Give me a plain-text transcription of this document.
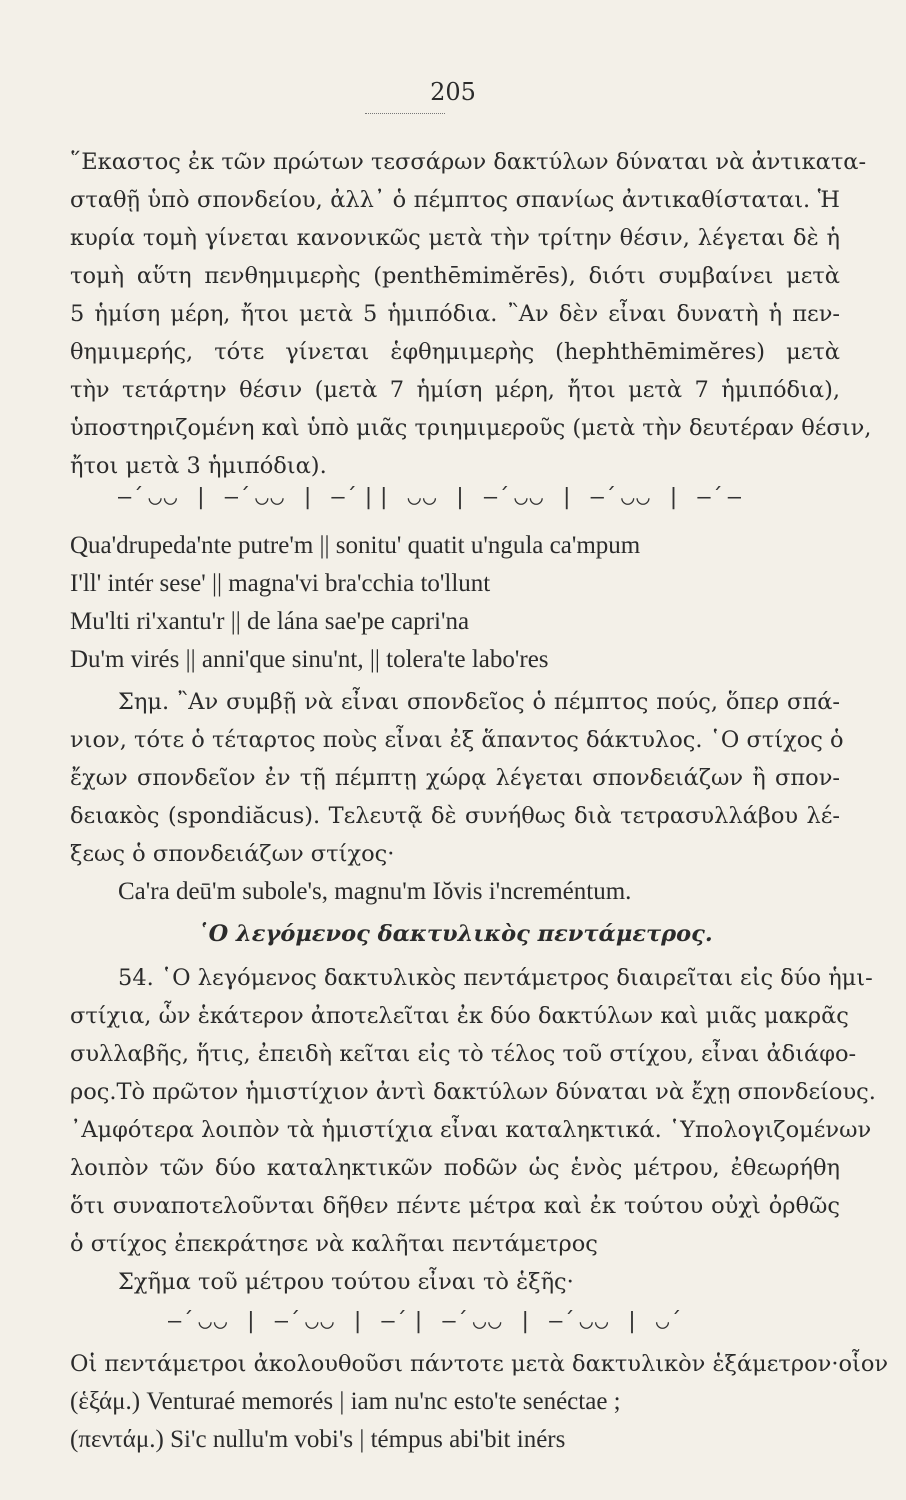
205
῞Εκαστος ἐκ τῶν πρώτων τεσσάρων δακτύλων δύναται νὰ ἀντικατα-
σταθῇ ὑπὸ σπονδείου, ἀλλ᾽ ὁ πέμπτος σπανίως ἀντικαθίσταται. Ἡ
κυρία τομὴ γίνεται κανονικῶς μετὰ τὴν τρίτην θέσιν, λέγεται δὲ ἡ
τομὴ αὕτη πενθημιμερὴς (penthēmimĕrēs), διότι συμβαίνει μετὰ
5 ἡμίση μέρη, ἤτοι μετὰ 5 ἡμιπόδια. ῍Αν δὲν εἶναι δυνατὴ ἡ πεν-
θημιμερής, τότε γίνεται ἑφθημιμερὴς (hephthēmimĕres) μετὰ
τὴν τετάρτην θέσιν (μετὰ 7 ἡμίση μέρη, ἤτοι μετὰ 7 ἡμιπόδια),
ὑποστηριζομένη καὶ ὑπὸ μιᾶς τριημιμεροῦς (μετὰ τὴν δευτέραν θέσιν,
ἤτοι μετὰ 3 ἡμιπόδια).
–́ ◡◡ | –́ ◡◡ | –́ || ◡◡ | –́ ◡◡ | –́ ◡◡ | –́ –
Qua'drupeda'nte putre'm || sonitu' quatit u'ngula ca'mpum
I'll' intér sese' || magna'vi bra'cchia to'llunt
Mu'lti ri'xantu'r || de lána sae'pe capri'na
Du'm virés || anni'que sinu'nt, || tolera'te labo'res
Σημ. ῍Αν συμβῇ νὰ εἶναι σπονδεῖος ὁ πέμπτος πούς, ὅπερ σπά-
νιον, τότε ὁ τέταρτος ποὺς εἶναι ἐξ ἅπαντος δάκτυλος. ῾Ο στίχος ὁ
ἔχων σπονδεῖον ἐν τῇ πέμπτῃ χώρᾳ λέγεται σπονδειάζων ἢ σπον-
δειακὸς (spondiăcus). Τελευτᾷ δὲ συνήθως διὰ τετρασυλλάβου λέ-
ξεως ὁ σπονδειάζων στίχος·
Ca'ra deū'm subole's, magnu'm Iŏvis i'ncreméntum.
῾Ο λεγόμενος δακτυλικὸς πεντάμετρος.
54. ῾Ο λεγόμενος δακτυλικὸς πεντάμετρος διαιρεῖται εἰς δύο ἡμι-
στίχια, ὧν ἑκάτερον ἀποτελεῖται ἐκ δύο δακτύλων καὶ μιᾶς μακρᾶς
συλλαβῆς, ἥτις, ἐπειδὴ κεῖται εἰς τὸ τέλος τοῦ στίχου, εἶναι ἀδιάφο-
ρος.Τὸ πρῶτον ἡμιστίχιον ἀντὶ δακτύλων δύναται νὰ ἔχῃ σπονδείους.
᾽Αμφότερα λοιπὸν τὰ ἡμιστίχια εἶναι καταληκτικά. ῾Υπολογιζομένων
λοιπὸν τῶν δύο καταληκτικῶν ποδῶν ὡς ἑνὸς μέτρου, ἐθεωρήθη
ὅτι συναποτελοῦνται δῆθεν πέντε μέτρα καὶ ἐκ τούτου οὐχὶ ὀρθῶς
ὁ στίχος ἐπεκράτησε νὰ καλῆται πεντάμετρος
Σχῆμα τοῦ μέτρου τούτου εἶναι τὸ ἑξῆς·
–́ ◡◡ | –́ ◡◡ | –́ | –́ ◡◡ | –́ ◡◡ | ◡́
Οἱ πεντάμετροι ἀκολουθοῦσι πάντοτε μετὰ δακτυλικὸν ἑξάμετρον·οἷον
(ἑξάμ.) Venturaé memorés | iam nu'nc esto'te senéctae ;
(πεντάμ.) Si'c nullu'm vobi's | témpus abi'bit inérs
